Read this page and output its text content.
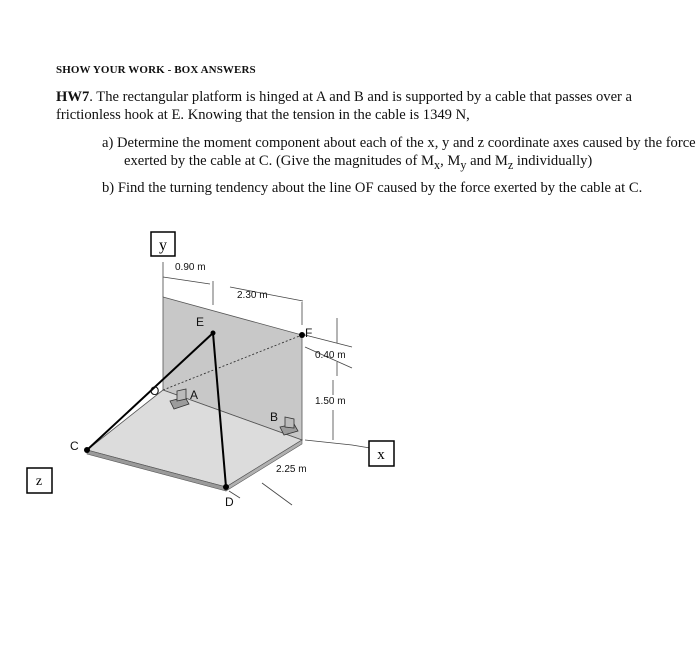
SHOW YOUR WORK - BOX ANSWERS
HW7. The rectangular platform is hinged at A and B and is supported by a cable that passes over a frictionless hook at E. Knowing that the tension in the cable is 1349 N,
a) Determine the moment component about each of the x, y and z coordinate axes caused by the force exerted by the cable at C. (Give the magnitudes of $M_x$, $M_y$ and $M_z$ individually)
b) Find the turning tendency about the line OF caused by the force exerted by the cable at C.
y
x
z
E
F
O	A
B
C
D
0.90 m
2.30 m
0.40 m
1.50 m
2.25 m
